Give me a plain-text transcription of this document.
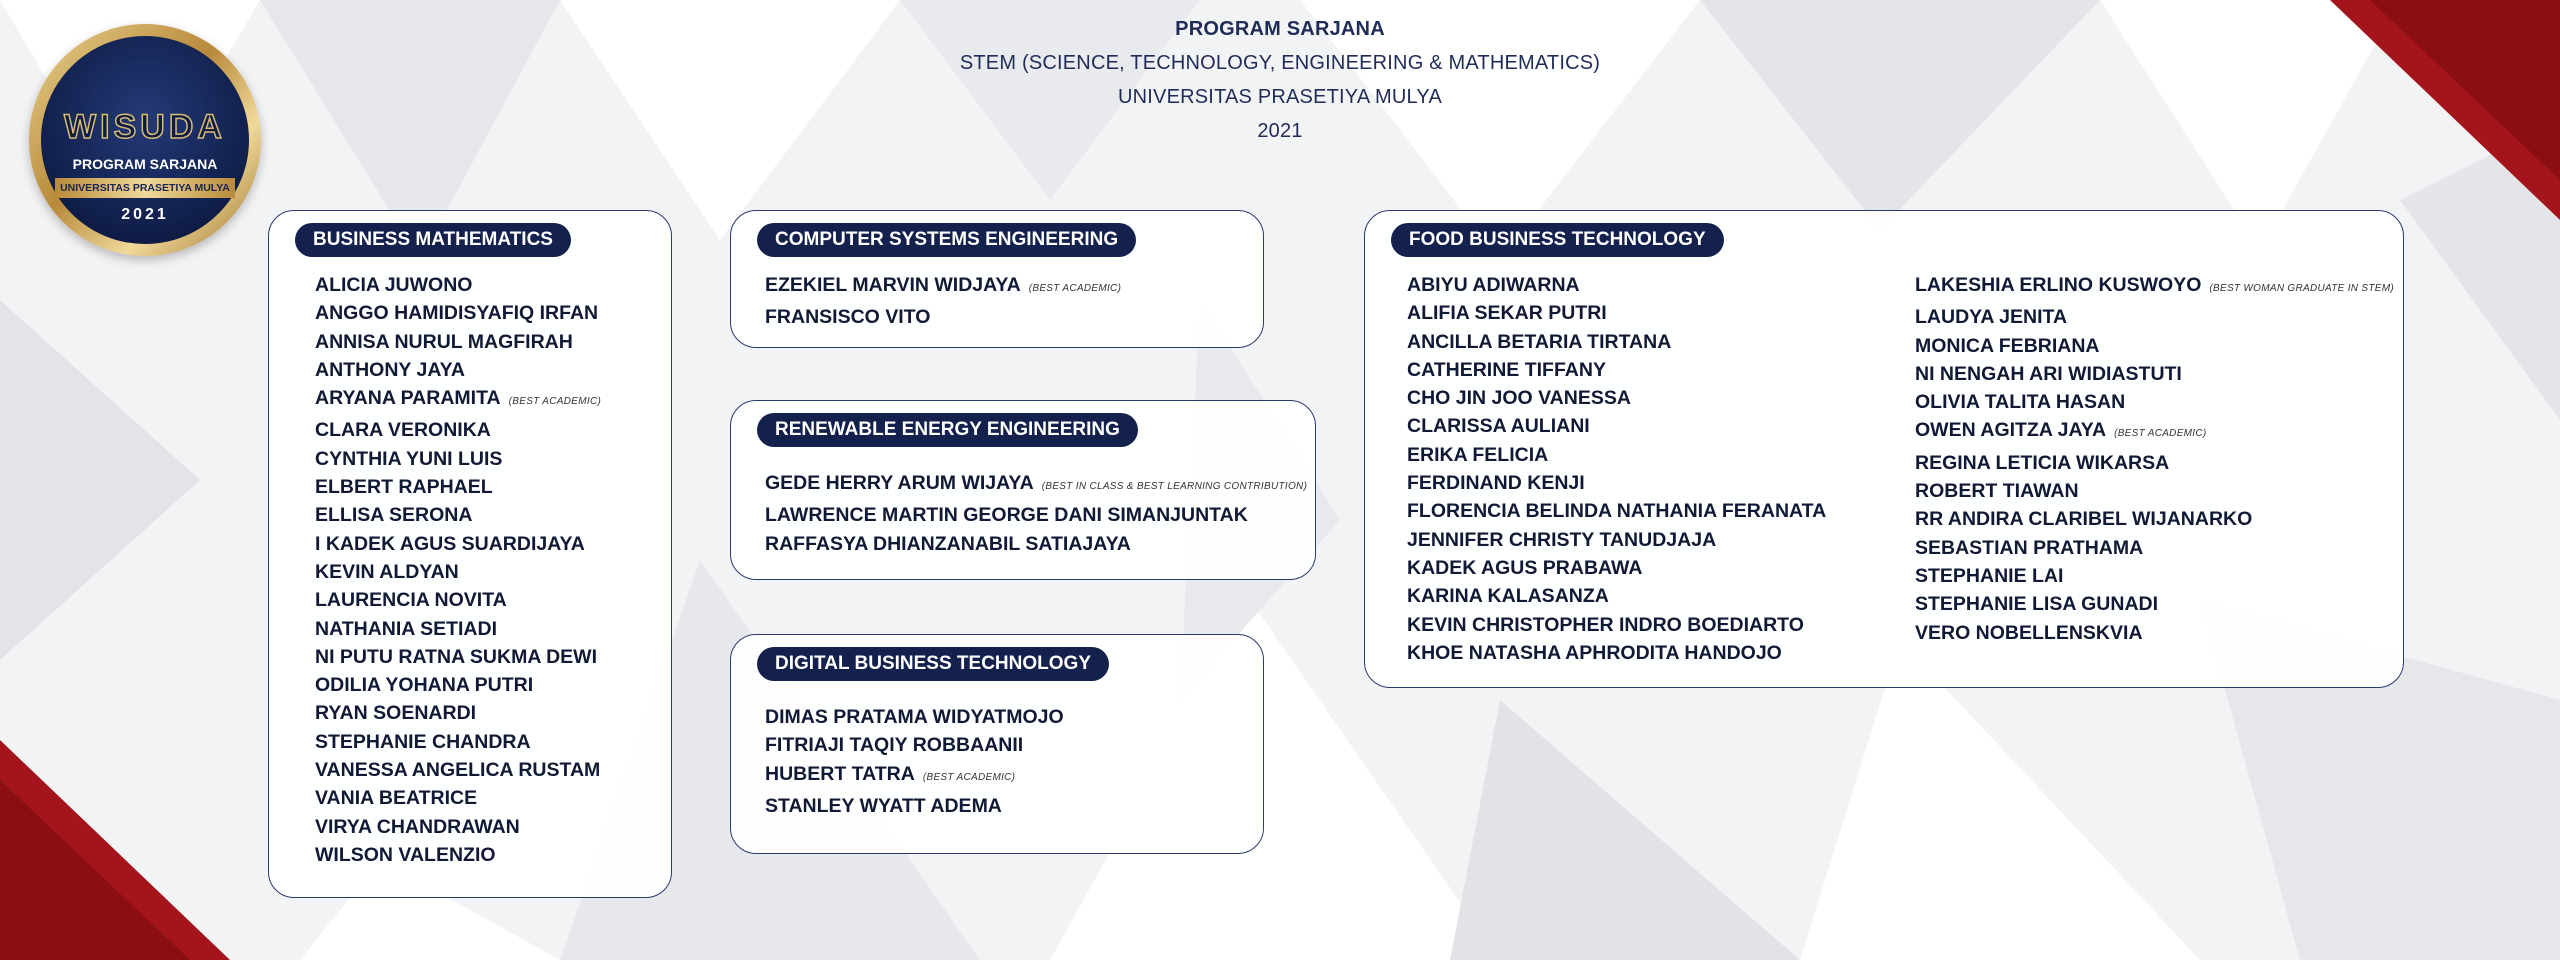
WISUDA
PROGRAM SARJANA
UNIVERSITAS PRASETIYA MULYA
2021
PROGRAM SARJANA
STEM (SCIENCE, TECHNOLOGY, ENGINEERING & MATHEMATICS)
UNIVERSITAS PRASETIYA MULYA
2021
BUSINESS MATHEMATICS
ALICIA JUWONO
ANGGO HAMIDISYAFIQ IRFAN
ANNISA NURUL MAGFIRAH
ANTHONY JAYA
ARYANA PARAMITA (BEST ACADEMIC)
CLARA VERONIKA
CYNTHIA YUNI LUIS
ELBERT RAPHAEL
ELLISA SERONA
I KADEK AGUS SUARDIJAYA
KEVIN ALDYAN
LAURENCIA NOVITA
NATHANIA SETIADI
NI PUTU RATNA SUKMA DEWI
ODILIA YOHANA PUTRI
RYAN SOENARDI
STEPHANIE CHANDRA
VANESSA ANGELICA RUSTAM
VANIA BEATRICE
VIRYA CHANDRAWAN
WILSON VALENZIO
COMPUTER SYSTEMS ENGINEERING
EZEKIEL MARVIN WIDJAYA (BEST ACADEMIC)
FRANSISCO VITO
RENEWABLE ENERGY ENGINEERING
GEDE HERRY ARUM WIJAYA (BEST IN CLASS & BEST LEARNING CONTRIBUTION)
LAWRENCE MARTIN GEORGE DANI SIMANJUNTAK
RAFFASYA DHIANZANABIL SATIAJAYA
DIGITAL BUSINESS TECHNOLOGY
DIMAS PRATAMA WIDYATMOJO
FITRIAJI TAQIY ROBBAANII
HUBERT TATRA (BEST ACADEMIC)
STANLEY WYATT ADEMA
FOOD BUSINESS TECHNOLOGY
ABIYU ADIWARNA
ALIFIA SEKAR PUTRI
ANCILLA BETARIA TIRTANA
CATHERINE TIFFANY
CHO JIN JOO VANESSA
CLARISSA AULIANI
ERIKA FELICIA
FERDINAND KENJI
FLORENCIA BELINDA NATHANIA FERANATA
JENNIFER CHRISTY TANUDJAJA
KADEK AGUS PRABAWA
KARINA KALASANZA
KEVIN CHRISTOPHER INDRO BOEDIARTO
KHOE NATASHA APHRODITA HANDOJO
LAKESHIA ERLINO KUSWOYO (BEST WOMAN GRADUATE IN STEM)
LAUDYA JENITA
MONICA FEBRIANA
NI NENGAH ARI WIDIASTUTI
OLIVIA TALITA HASAN
OWEN AGITZA JAYA (BEST ACADEMIC)
REGINA LETICIA WIKARSA
ROBERT TIAWAN
RR ANDIRA CLARIBEL WIJANARKO
SEBASTIAN PRATHAMA
STEPHANIE LAI
STEPHANIE LISA GUNADI
VERO NOBELLENSKVIA
